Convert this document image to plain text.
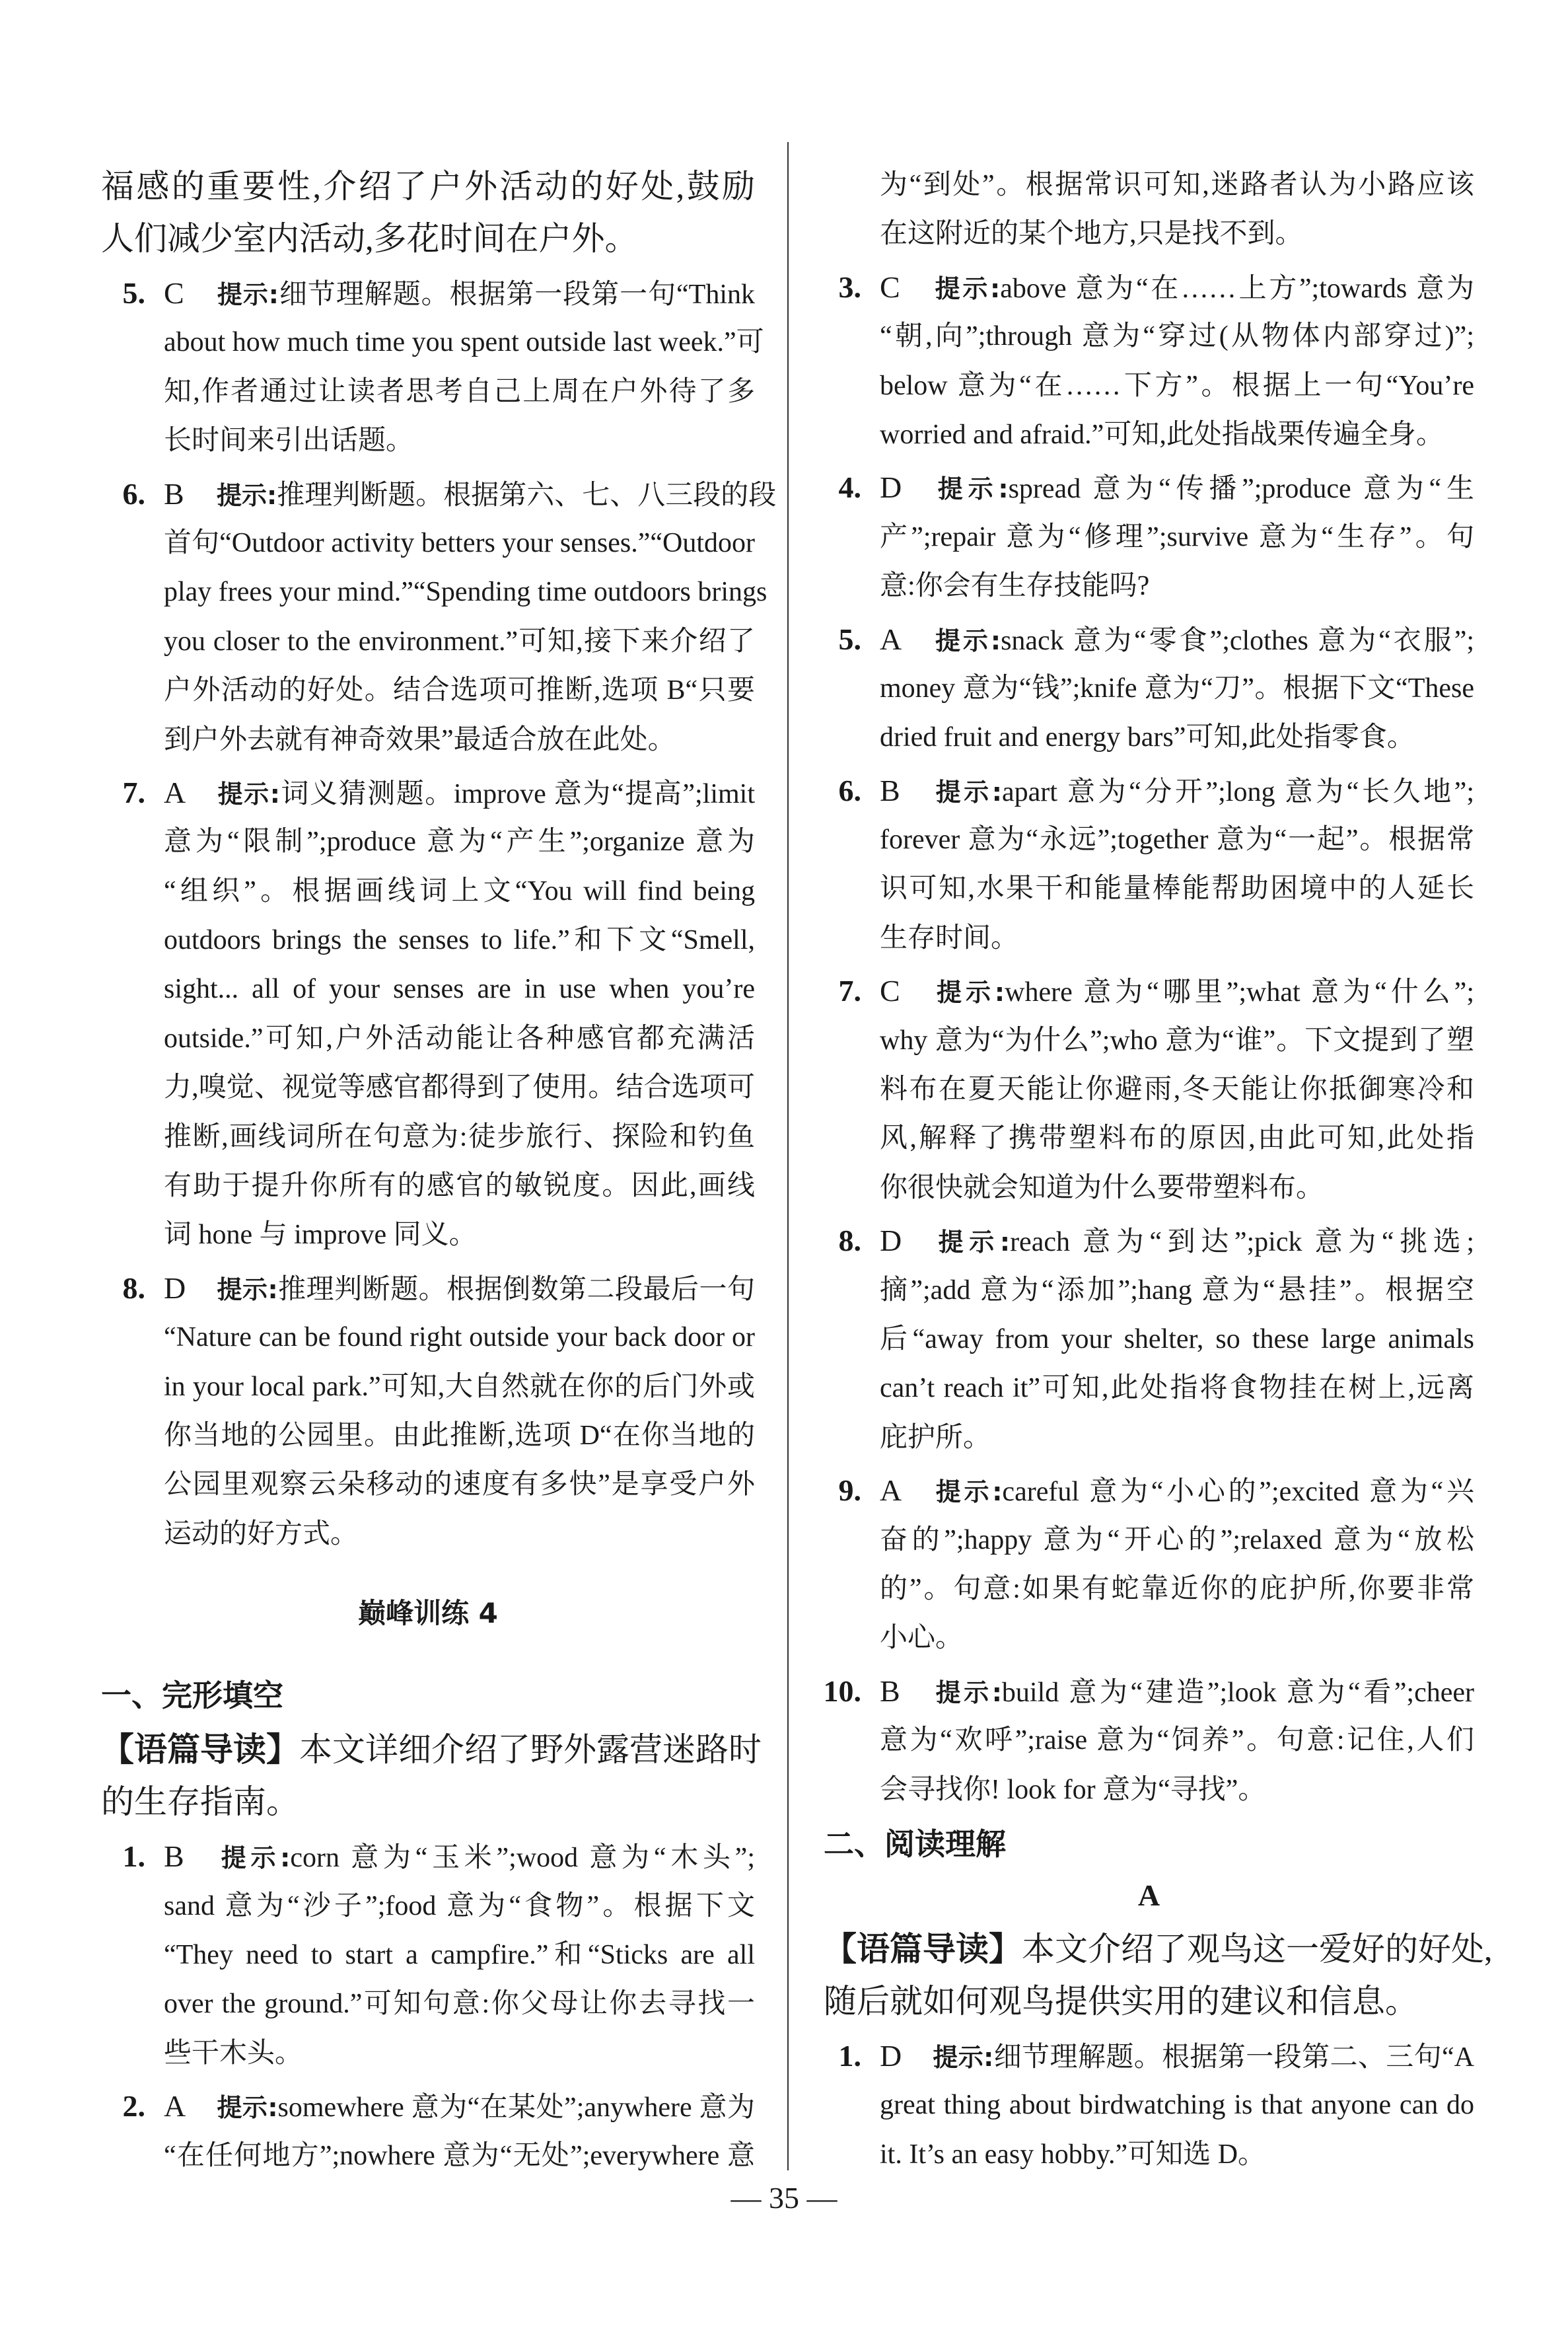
福感的重要性,介绍了户外活动的好处,鼓励
人们减少室内活动,多花时间在户外。
5. C 提示:细节理解题。根据第一段第一句“Think
about how much time you spent outside last week.”可
知,作者通过让读者思考自己上周在户外待了多
长时间来引出话题。
6. B 提示:推理判断题。根据第六、七、八三段的段
首句“Outdoor activity betters your senses.”“Outdoor
play frees your mind.”“Spending time outdoors brings
you closer to the environment.”可知,接下来介绍了
户外活动的好处。结合选项可推断,选项 B“只要
到户外去就有神奇效果”最适合放在此处。
7. A 提示:词义猜测题。improve 意为“提高”;limit
意为“限制”;produce 意为“产生”;organize 意为
“组织”。根据画线词上文“You will find being
outdoors brings the senses to life.”和下文“Smell,
sight... all of your senses are in use when you’re
outside.”可知,户外活动能让各种感官都充满活
力,嗅觉、视觉等感官都得到了使用。结合选项可
推断,画线词所在句意为:徒步旅行、探险和钓鱼
有助于提升你所有的感官的敏锐度。因此,画线
词 hone 与 improve 同义。
8. D 提示:推理判断题。根据倒数第二段最后一句
“Nature can be found right outside your back door or
in your local park.”可知,大自然就在你的后门外或
你当地的公园里。由此推断,选项 D“在你当地的
公园里观察云朵移动的速度有多快”是享受户外
运动的好方式。
巅峰训练 4
一、完形填空
【语篇导读】本文详细介绍了野外露营迷路时
的生存指南。
1. B 提示:corn 意为“玉米”;wood 意为“木头”;
sand 意为“沙子”;food 意为“食物”。根据下文
“They need to start a campfire.”和“Sticks are all
over the ground.”可知句意:你父母让你去寻找一
些干木头。
2. A 提示:somewhere 意为“在某处”;anywhere 意为
“在任何地方”;nowhere 意为“无处”;everywhere 意
为“到处”。根据常识可知,迷路者认为小路应该
在这附近的某个地方,只是找不到。
3. C 提示:above 意为“在……上方”;towards 意为
“朝,向”;through 意为“穿过(从物体内部穿过)”;
below 意为“在……下方”。根据上一句“You’re
worried and afraid.”可知,此处指战栗传遍全身。
4. D 提示:spread 意为“传播”;produce 意为“生
产”;repair 意为“修理”;survive 意为“生存”。句
意:你会有生存技能吗?
5. A 提示:snack 意为“零食”;clothes 意为“衣服”;
money 意为“钱”;knife 意为“刀”。根据下文“These
dried fruit and energy bars”可知,此处指零食。
6. B 提示:apart 意为“分开”;long 意为“长久地”;
forever 意为“永远”;together 意为“一起”。根据常
识可知,水果干和能量棒能帮助困境中的人延长
生存时间。
7. C 提示:where 意为“哪里”;what 意为“什么”;
why 意为“为什么”;who 意为“谁”。下文提到了塑
料布在夏天能让你避雨,冬天能让你抵御寒冷和
风,解释了携带塑料布的原因,由此可知,此处指
你很快就会知道为什么要带塑料布。
8. D 提示:reach 意为“到达”;pick 意为“挑选;
摘”;add 意为“添加”;hang 意为“悬挂”。根据空
后“away from your shelter, so these large animals
can’t reach it”可知,此处指将食物挂在树上,远离
庇护所。
9. A 提示:careful 意为“小心的”;excited 意为“兴
奋的”;happy 意为“开心的”;relaxed 意为“放松
的”。句意:如果有蛇靠近你的庇护所,你要非常
小心。
10. B 提示:build 意为“建造”;look 意为“看”;cheer
意为“欢呼”;raise 意为“饲养”。句意:记住,人们
会寻找你! look for 意为“寻找”。
二、阅读理解
A
【语篇导读】本文介绍了观鸟这一爱好的好处,
随后就如何观鸟提供实用的建议和信息。
1. D 提示:细节理解题。根据第一段第二、三句“A
great thing about birdwatching is that anyone can do
it. It’s an easy hobby.”可知选 D。
— 35 —
